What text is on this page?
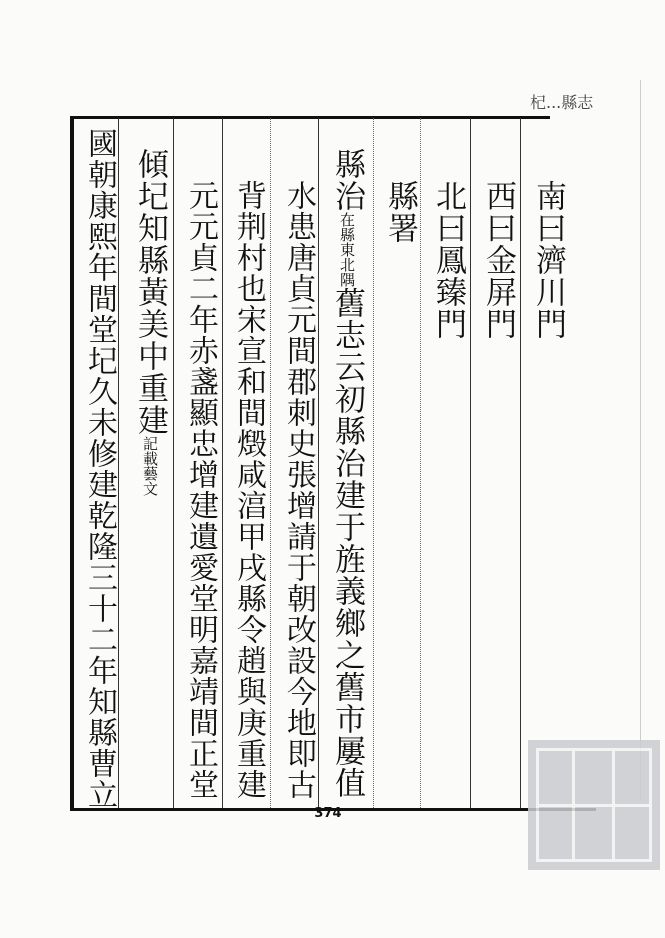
杞...縣志
南曰濟川門
西曰金屏門
北曰鳳臻門
縣署
縣治在縣東北隅舊志云初縣治建于旌義鄉之舊市屢值
水患唐貞元間郡刺史張增請于朝改設今地即古
背荆村也宋宣和間燬咸湻甲戌縣令趙與庚重建
元元貞二年赤盞顯忠增建遺愛堂明嘉靖間正堂
傾圮知縣黃美中重建記載藝文
國朝康熙年間堂圮久未修建乾隆三十二年知縣曹立
374
